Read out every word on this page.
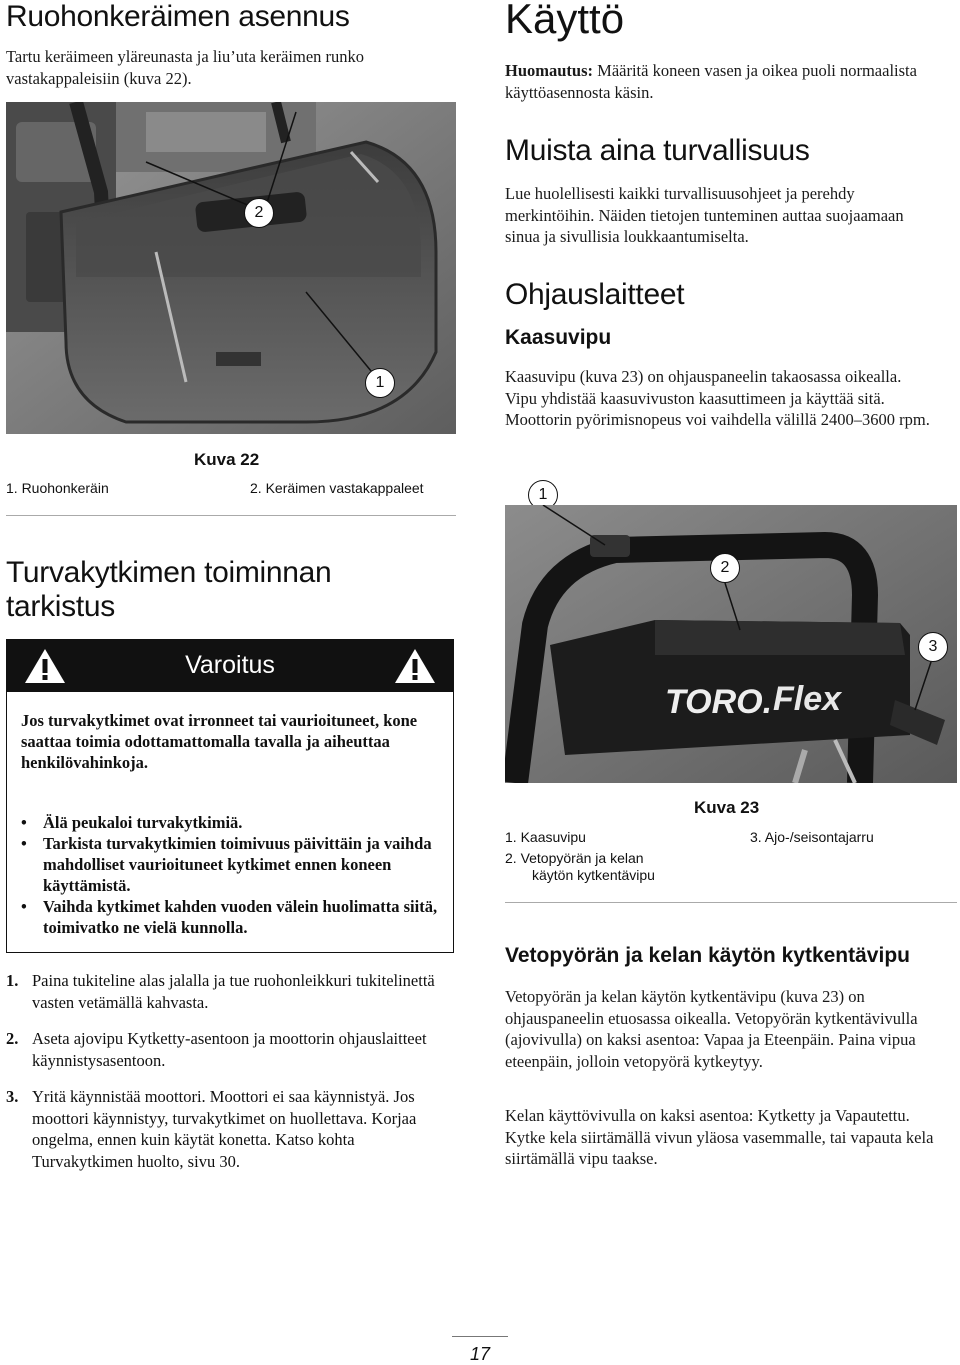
Ruohonkeräimen asennus

Tartu keräimeen yläreunasta ja liu’uta keräimen runko vastakappaleisiin (kuva 22).

2
1
Kuva 22
1. Ruohonkeräin	2. Keräimen vastakappaleet
Turvakytkimen toiminnan tarkistus
Varoitus

Jos turvakytkimet ovat irronneet tai vaurioituneet, kone saattaa toimia odottamattomalla tavalla ja aiheuttaa henkilövahinkoja.

• Älä peukaloi turvakytkimiä.
• Tarkista turvakytkimien toimivuus päivittäin ja vaihda mahdolliset vaurioituneet kytkimet ennen koneen käyttämistä.
• Vaihda kytkimet kahden vuoden välein huolimatta siitä, toimivatko ne vielä kunnolla.
1. Paina tukiteline alas jalalla ja tue ruohonleikkuri tukitelinettä vasten vetämällä kahvasta.
2. Aseta ajovipu Kytketty-asentoon ja moottorin ohjauslaitteet käynnistysasentoon.
3. Yritä käynnistää moottori. Moottori ei saa käynnistyä. Jos moottori käynnistyy, turvakytkimet on huollettava. Korjaa ongelma, ennen kuin käytät konetta. Katso kohta Turvakytkimen huolto, sivu 30.
Käyttö

Huomautus: Määritä koneen vasen ja oikea puoli normaalista käyttöasennosta käsin.

Muista aina turvallisuus

Lue huolellisesti kaikki turvallisuusohjeet ja perehdy merkintöihin. Näiden tietojen tunteminen auttaa suojaamaan sinua ja sivullisia loukkaantumiselta.

Ohjauslaitteet
Kaasuvipu

Kaasuvipu (kuva 23) on ohjauspaneelin takaosassa oikealla. Vipu yhdistää kaasuvivuston kaasuttimeen ja käyttää sitä. Moottorin pyörimisnopeus voi vaihdella välillä 2400–3600 rpm.

1
TORO. Flex
2
3
Kuva 23
1. Kaasuvipu	3. Ajo-/seisontajarru
2. Vetopyörän ja kelan
käytön kytkentävipu
Vetopyörän ja kelan käytön kytkentävipu

Vetopyörän ja kelan käytön kytkentävipu (kuva 23) on ohjauspaneelin etuosassa oikealla. Vetopyörän kytkentävivulla (ajovivulla) on kaksi asentoa: Vapaa ja Eteenpäin. Paina vipua eteenpäin, jolloin vetopyörä kytkeytyy.

Kelan käyttövivulla on kaksi asentoa: Kytketty ja Vapautettu. Kytke kela siirtämällä vivun yläosa vasemmalle, tai vapauta kela siirtämällä vipu taakse.

17
